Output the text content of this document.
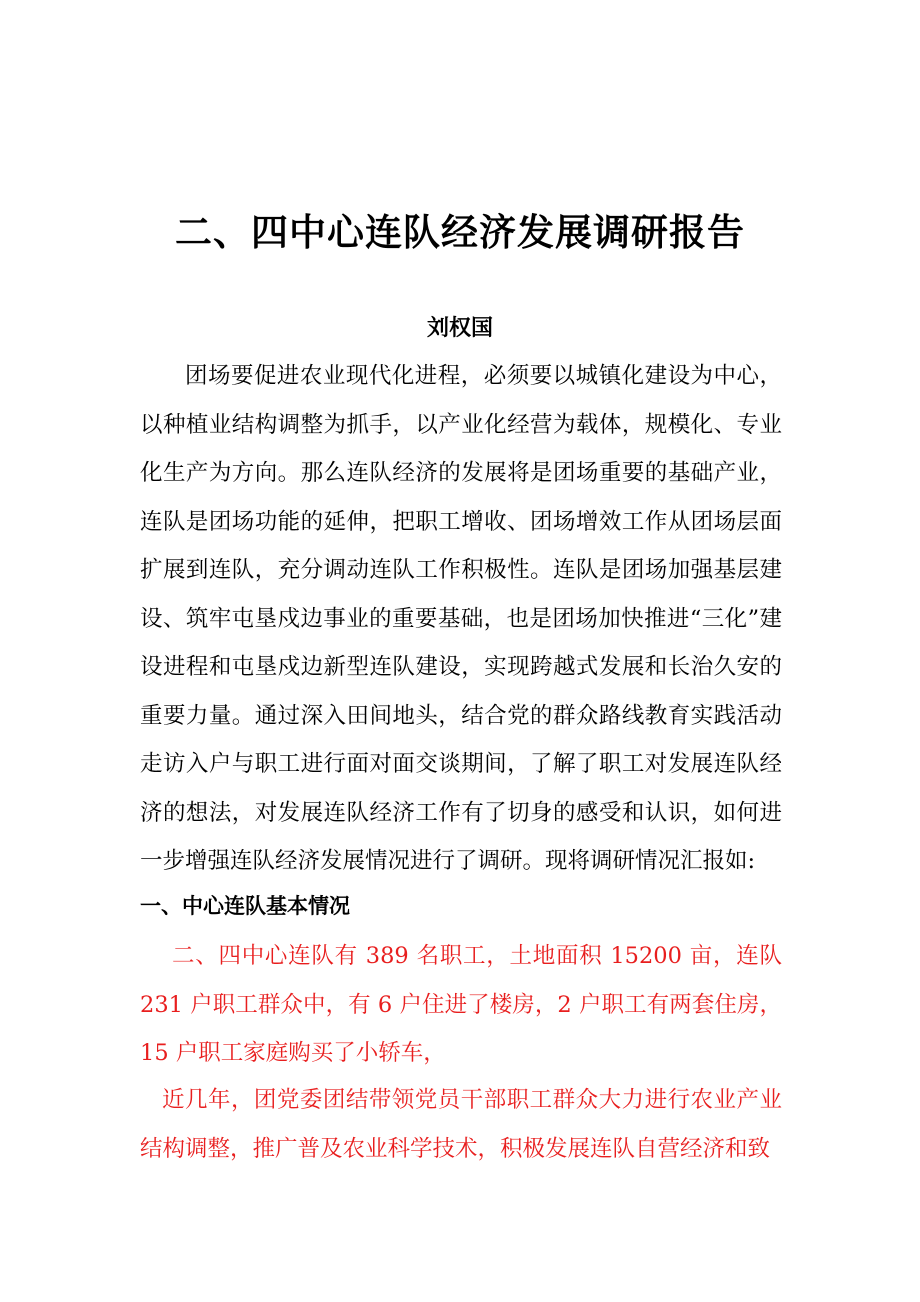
二、四中心连队经济发展调研报告

刘权国

团场要促进农业现代化进程，必须要以城镇化建设为中心，以种植业结构调整为抓手，以产业化经营为载体，规模化、专业化生产为方向。那么连队经济的发展将是团场重要的基础产业，连队是团场功能的延伸，把职工增收、团场增效工作从团场层面扩展到连队，充分调动连队工作积极性。连队是团场加强基层建设、筑牢屯垦戍边事业的重要基础，也是团场加快推进“三化”建设进程和屯垦戍边新型连队建设，实现跨越式发展和长治久安的重要力量。通过深入田间地头，结合党的群众路线教育实践活动走访入户与职工进行面对面交谈期间，了解了职工对发展连队经济的想法，对发展连队经济工作有了切身的感受和认识，如何进一步增强连队经济发展情况进行了调研。现将调研情况汇报如:

一、中心连队基本情况

二、四中心连队有 389 名职工，土地面积 15200 亩，连队 231 户职工群众中，有 6 户住进了楼房，2 户职工有两套住房，15 户职工家庭购买了小轿车，

近几年，团党委团结带领党员干部职工群众大力进行农业产业结构调整，推广普及农业科学技术，积极发展连队自营经济和致
